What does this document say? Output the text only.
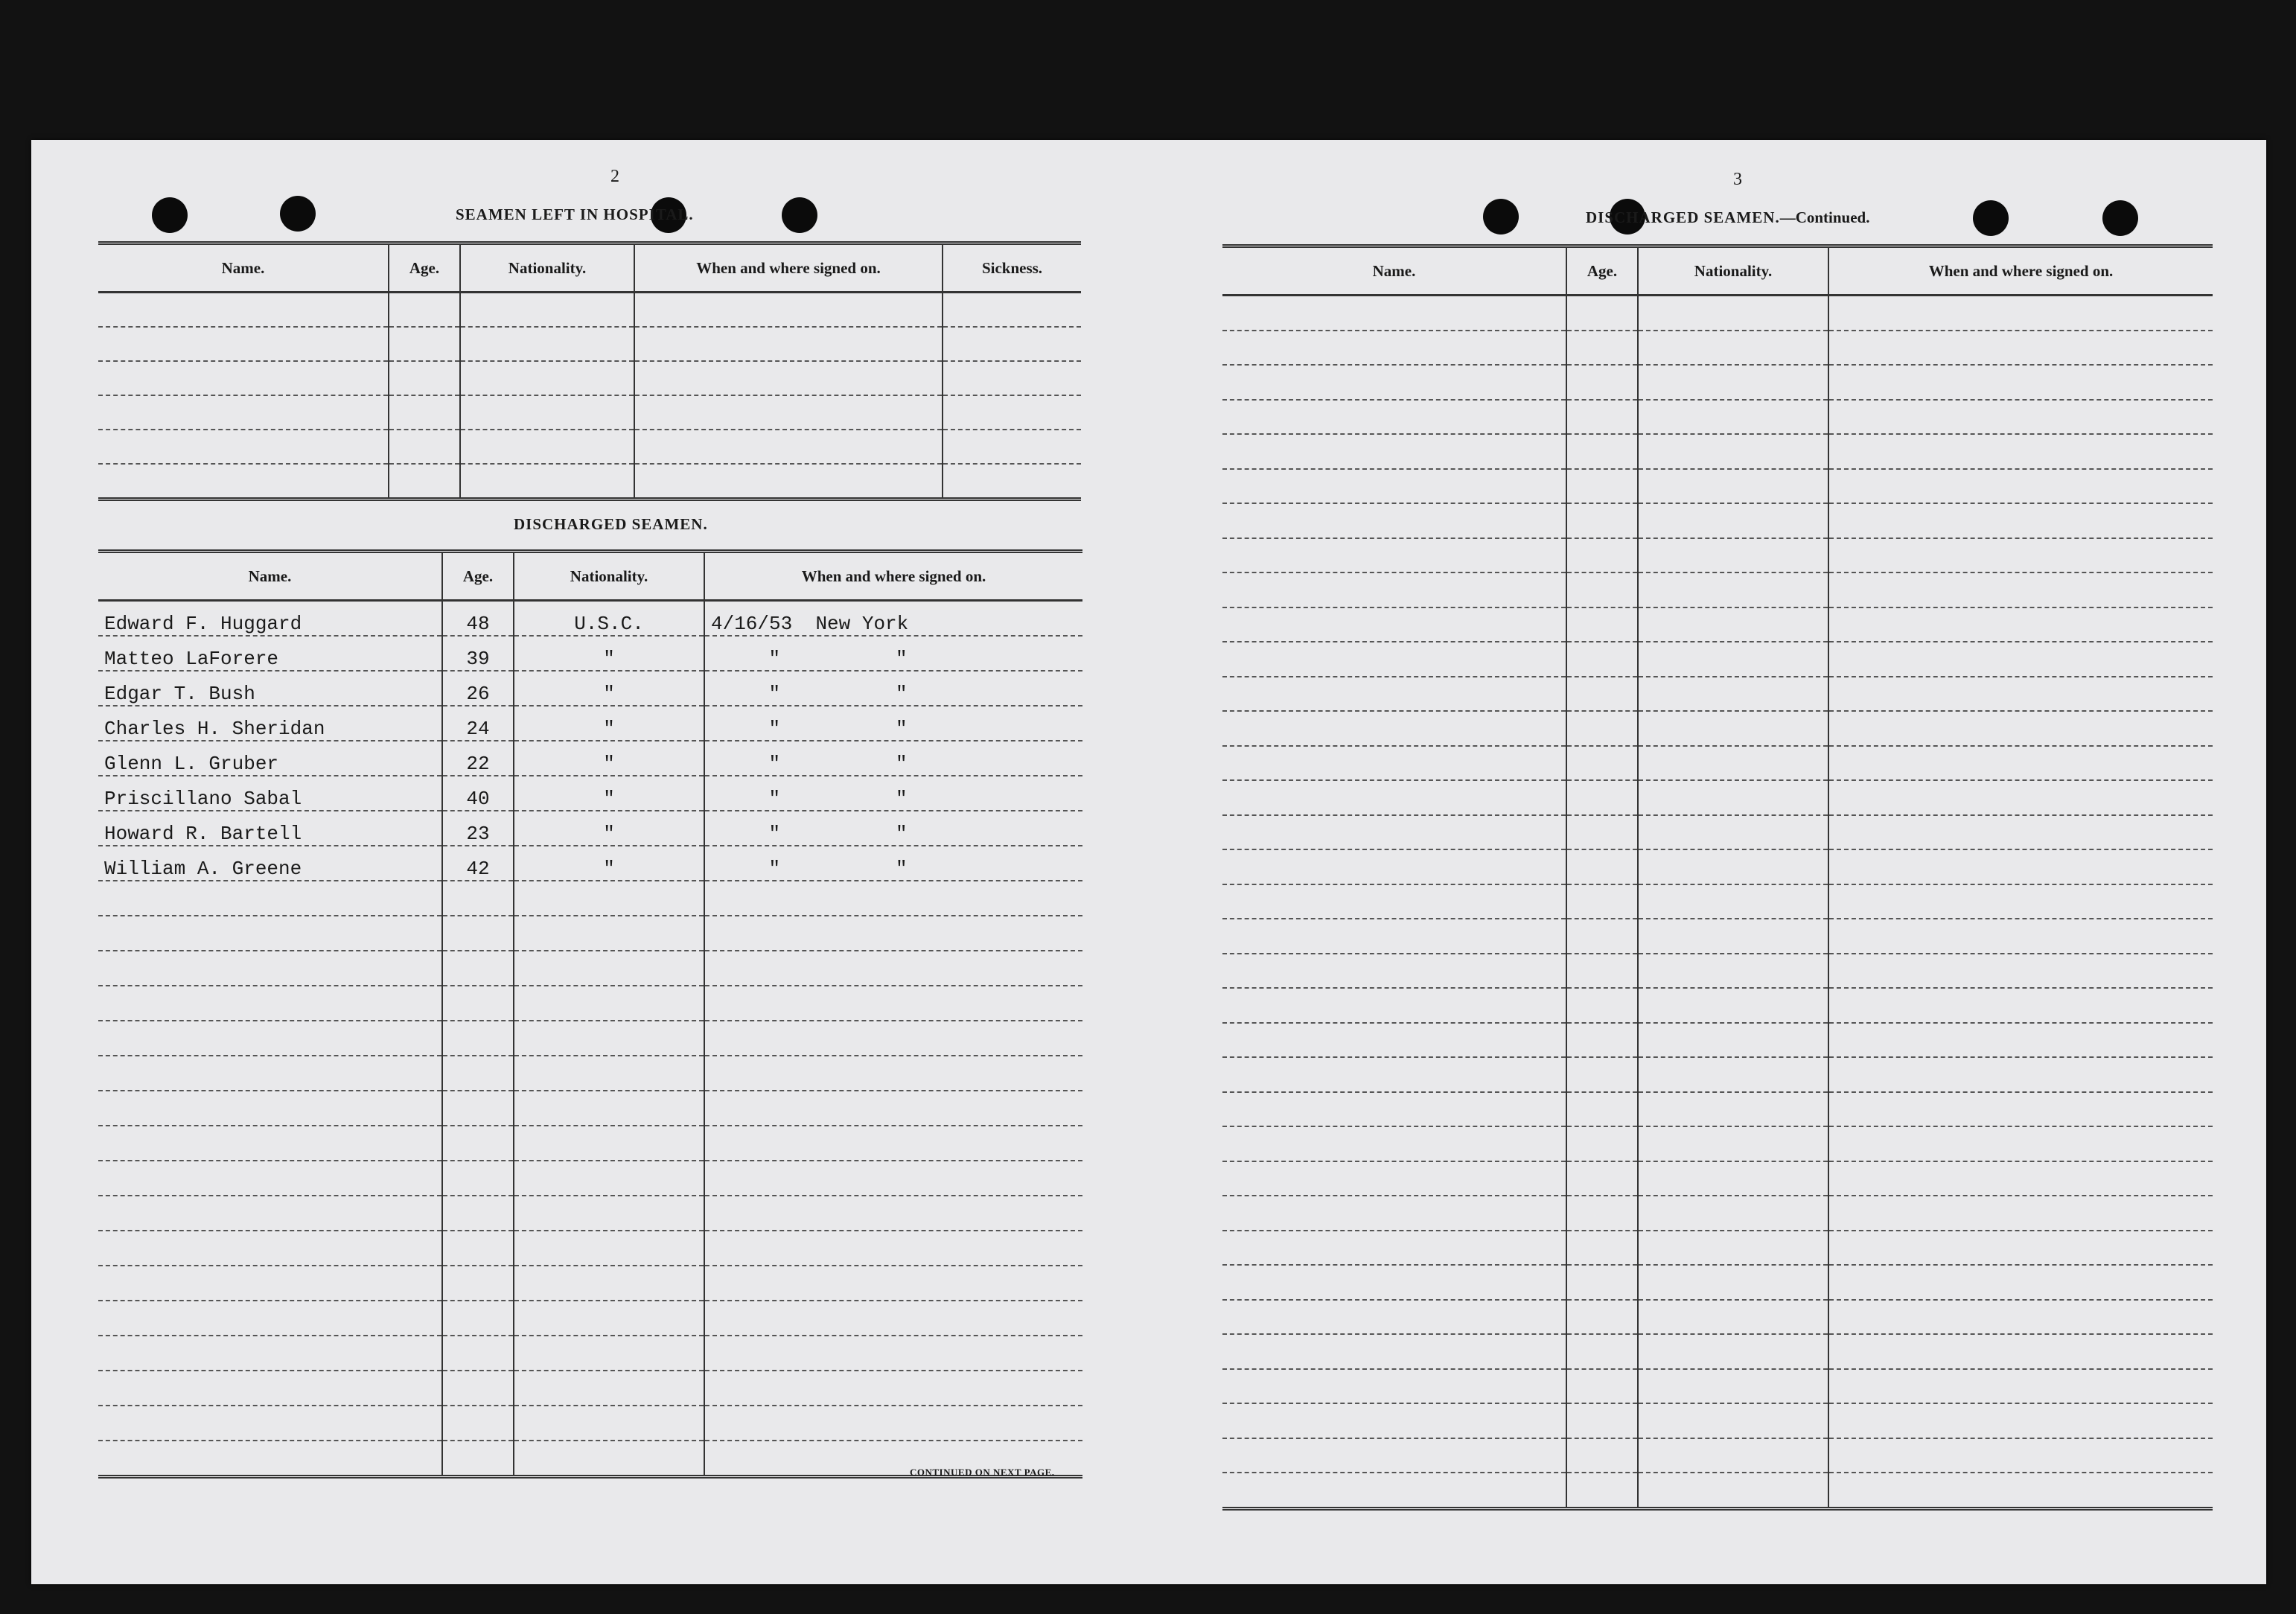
2
SEAMEN LEFT IN HOSPITAL.
Name.	Age.	Nationality.	When and where signed on.	Sickness.

DISCHARGED SEAMEN.
Name.	Age.	Nationality.	When and where signed on.
Edward F. Huggard	48	U.S.C.	4/16/53 New York
Matteo LaForere	39	"	" "

Edgar T. Bush	26	"	" "

Charles H. Sheridan	24	"	" "

Glenn L. Gruber	22	"	" "

Priscillano Sabal	40	"	" "

Howard R. Bartell	23	"	" "

William A. Greene	42	"	" "

CONTINUED ON NEXT PAGE.
3
DISCHARGED SEAMEN.—Continued.
Name.	Age.	Nationality.	When and where signed on.
